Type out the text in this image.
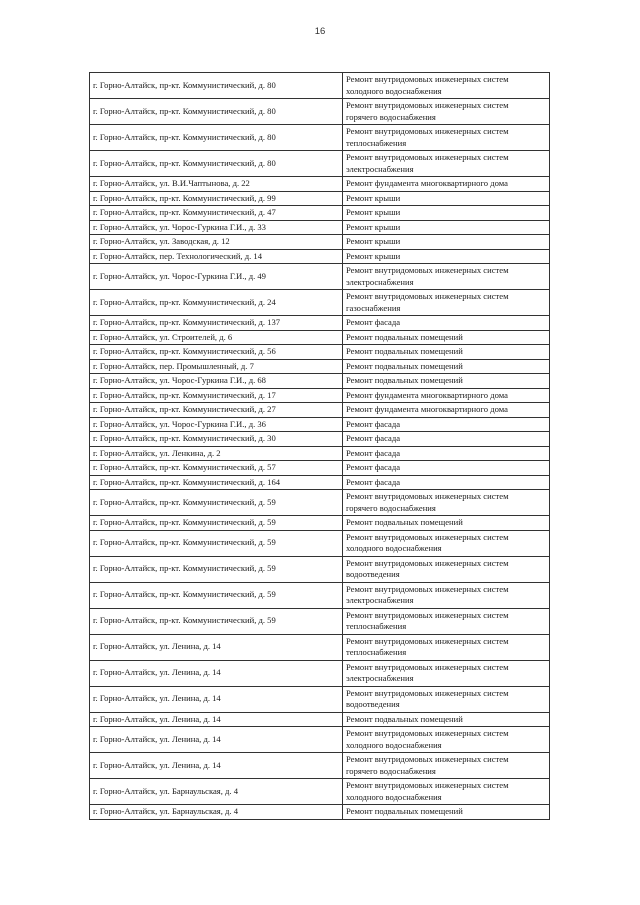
16
г. Горно-Алтайск, пр-кт. Коммунистический, д. 80	Ремонт внутридомовых инженерных систем
холодного водоснабжения

г. Горно-Алтайск, пр-кт. Коммунистический, д. 80	Ремонт внутридомовых инженерных систем
горячего водоснабжения

г. Горно-Алтайск, пр-кт. Коммунистический, д. 80	Ремонт внутридомовых инженерных систем
теплоснабжения

г. Горно-Алтайск, пр-кт. Коммунистический, д. 80	Ремонт внутридомовых инженерных систем
электроснабжения

г. Горно-Алтайск, ул. В.И.Чаптынова, д. 22	Ремонт фундамента многоквартирного дома

г. Горно-Алтайск, пр-кт. Коммунистический, д. 99	Ремонт крыши

г. Горно-Алтайск, пр-кт. Коммунистический, д. 47	Ремонт крыши

г. Горно-Алтайск, ул. Чорос-Гуркина Г.И., д. 33	Ремонт крыши

г. Горно-Алтайск, ул. Заводская, д. 12	Ремонт крыши

г. Горно-Алтайск, пер. Технологический, д. 14	Ремонт крыши

г. Горно-Алтайск, ул. Чорос-Гуркина Г.И., д. 49	Ремонт внутридомовых инженерных систем
электроснабжения

г. Горно-Алтайск, пр-кт. Коммунистический, д. 24	Ремонт внутридомовых инженерных систем
газоснабжения

г. Горно-Алтайск, пр-кт. Коммунистический, д. 137	Ремонт фасада

г. Горно-Алтайск, ул. Строителей, д. 6	Ремонт подвальных помещений

г. Горно-Алтайск, пр-кт. Коммунистический, д. 56	Ремонт подвальных помещений

г. Горно-Алтайск, пер. Промышленный, д. 7	Ремонт подвальных помещений

г. Горно-Алтайск, ул. Чорос-Гуркина Г.И., д. 68	Ремонт подвальных помещений

г. Горно-Алтайск, пр-кт. Коммунистический, д. 17	Ремонт фундамента многоквартирного дома

г. Горно-Алтайск, пр-кт. Коммунистический, д. 27	Ремонт фундамента многоквартирного дома

г. Горно-Алтайск, ул. Чорос-Гуркина Г.И., д. 36	Ремонт фасада

г. Горно-Алтайск, пр-кт. Коммунистический, д. 30	Ремонт фасада

г. Горно-Алтайск, ул. Ленкина, д. 2	Ремонт фасада

г. Горно-Алтайск, пр-кт. Коммунистический, д. 57	Ремонт фасада

г. Горно-Алтайск, пр-кт. Коммунистический, д. 164	Ремонт фасада

г. Горно-Алтайск, пр-кт. Коммунистический, д. 59	Ремонт внутридомовых инженерных систем
горячего водоснабжения

г. Горно-Алтайск, пр-кт. Коммунистический, д. 59	Ремонт подвальных помещений

г. Горно-Алтайск, пр-кт. Коммунистический, д. 59	Ремонт внутридомовых инженерных систем
холодного водоснабжения

г. Горно-Алтайск, пр-кт. Коммунистический, д. 59	Ремонт внутридомовых инженерных систем
водоотведения

г. Горно-Алтайск, пр-кт. Коммунистический, д. 59	Ремонт внутридомовых инженерных систем
электроснабжения

г. Горно-Алтайск, пр-кт. Коммунистический, д. 59	Ремонт внутридомовых инженерных систем
теплоснабжения

г. Горно-Алтайск, ул. Ленина, д. 14	Ремонт внутридомовых инженерных систем
теплоснабжения

г. Горно-Алтайск, ул. Ленина, д. 14	Ремонт внутридомовых инженерных систем
электроснабжения

г. Горно-Алтайск, ул. Ленина, д. 14	Ремонт внутридомовых инженерных систем
водоотведения

г. Горно-Алтайск, ул. Ленина, д. 14	Ремонт подвальных помещений

г. Горно-Алтайск, ул. Ленина, д. 14	Ремонт внутридомовых инженерных систем
холодного водоснабжения

г. Горно-Алтайск, ул. Ленина, д. 14	Ремонт внутридомовых инженерных систем
горячего водоснабжения

г. Горно-Алтайск, ул. Барнаульская, д. 4	Ремонт внутридомовых инженерных систем
холодного водоснабжения

г. Горно-Алтайск, ул. Барнаульская, д. 4	Ремонт подвальных помещений
